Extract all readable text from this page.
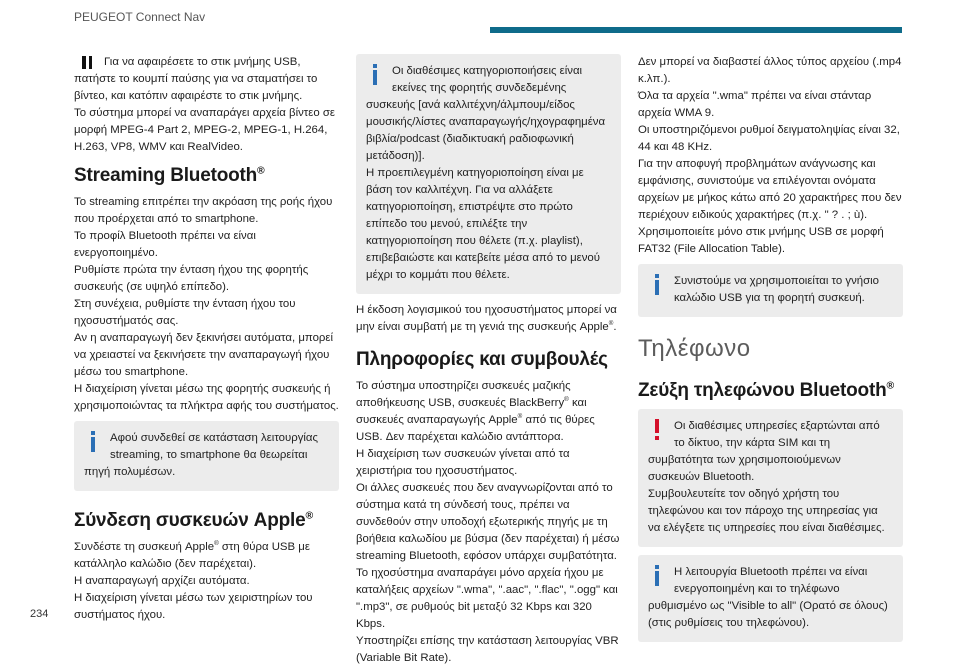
PEUGEOT Connect Nav

Για να αφαιρέσετε το στικ μνήμης USB, πατήστε το κουμπί παύσης για να σταματήσει το βίντεο, και κατόπιν αφαιρέστε το στικ μνήμης.

Το σύστημα μπορεί να αναπαράγει αρχεία βίντεο σε μορφή MPEG-4 Part 2, MPEG-2, MPEG-1, H.264, H.263, VP8, WMV και RealVideo.

Streaming Bluetooth®

Το streaming επιτρέπει την ακρόαση της ροής ήχου που προέρχεται από το smartphone.

Το προφίλ Bluetooth πρέπει να είναι ενεργοποιημένο.

Ρυθμίστε πρώτα την ένταση ήχου της φορητής συσκευής (σε υψηλό επίπεδο).

Στη συνέχεια, ρυθμίστε την ένταση ήχου του ηχοσυστήματός σας.

Αν η αναπαραγωγή δεν ξεκινήσει αυτόματα, μπορεί να χρειαστεί να ξεκινήσετε την αναπαραγωγή ήχου μέσω του smartphone.

Η διαχείριση γίνεται μέσω της φορητής συσκευής ή χρησιμοποιώντας τα πλήκτρα αφής του συστήματος.

Αφού συνδεθεί σε κατάσταση λειτουργίας streaming, το smartphone θα θεωρείται πηγή πολυμέσων.
Σύνδεση συσκευών Apple®

Συνδέστε τη συσκευή Apple® στη θύρα USB με κατάλληλο καλώδιο (δεν παρέχεται).

Η αναπαραγωγή αρχίζει αυτόματα.

Η διαχείριση γίνεται μέσω των χειριστηρίων του συστήματος ήχου.

Οι διαθέσιμες κατηγοριοποιήσεις είναι εκείνες της φορητής συνδεδεμένης συσκευής [ανά καλλιτέχνη/άλμπουμ/είδος μουσικής/λίστες αναπαραγωγής/ηχογραφημένα βιβλία/podcast (διαδικτυακή ραδιοφωνική μετάδοση)].

Η προεπιλεγμένη κατηγοριοποίηση είναι με βάση τον καλλιτέχνη. Για να αλλάξετε κατηγοριοποίηση, επιστρέψτε στο πρώτο επίπεδο του μενού, επιλέξτε την κατηγοριοποίηση που θέλετε (π.χ. playlist), επιβεβαιώστε και κατεβείτε μέσα από το μενού μέχρι το κομμάτι που θέλετε.

Η έκδοση λογισμικού του ηχοσυστήματος μπορεί να μην είναι συμβατή με τη γενιά της συσκευής Apple®.

Πληροφορίες και συμβουλές

Το σύστημα υποστηρίζει συσκευές μαζικής αποθήκευσης USB, συσκευές BlackBerry® και συσκευές αναπαραγωγής Apple® από τις θύρες USB. Δεν παρέχεται καλώδιο αντάπτορα.

Η διαχείριση των συσκευών γίνεται από τα χειριστήρια του ηχοσυστήματος.

Οι άλλες συσκευές που δεν αναγνωρίζονται από το σύστημα κατά τη σύνδεσή τους, πρέπει να συνδεθούν στην υποδοχή εξωτερικής πηγής με τη βοήθεια καλωδίου με βύσμα (δεν παρέχεται) ή μέσω streaming Bluetooth, εφόσον υπάρχει συμβατότητα.

Το ηχοσύστημα αναπαράγει μόνο αρχεία ήχου με καταλήξεις αρχείων ".wma", ".aac", ".flac", ".ogg" και ".mp3", σε ρυθμούς bit μεταξύ 32 Kbps και 320 Kbps.

Υποστηρίζει επίσης την κατάσταση λειτουργίας VBR (Variable Bit Rate).

Δεν μπορεί να διαβαστεί άλλος τύπος αρχείου (.mp4 κ.λπ.).

Όλα τα αρχεία ".wma" πρέπει να είναι στάνταρ αρχεία WMA 9.

Οι υποστηριζόμενοι ρυθμοί δειγματοληψίας είναι 32, 44 και 48 KHz.

Για την αποφυγή προβλημάτων ανάγνωσης και εμφάνισης, συνιστούμε να επιλέγονται ονόματα αρχείων με μήκος κάτω από 20 χαρακτήρες που δεν περιέχουν ειδικούς χαρακτήρες (π.χ. " ? . ; ù).

Χρησιμοποιείτε μόνο στικ μνήμης USB σε μορφή FAT32 (File Allocation Table).

Συνιστούμε να χρησιμοποιείται το γνήσιο καλώδιο USB για τη φορητή συσκευή.
Τηλέφωνο
Ζεύξη τηλεφώνου Bluetooth®

Οι διαθέσιμες υπηρεσίες εξαρτώνται από το δίκτυο, την κάρτα SIM και τη συμβατότητα των χρησιμοποιούμενων συσκευών Bluetooth.

Συμβουλευτείτε τον οδηγό χρήστη του τηλεφώνου και τον πάροχο της υπηρεσίας για να ελέγξετε τις υπηρεσίες που είναι διαθέσιμες.

Η λειτουργία Bluetooth πρέπει να είναι ενεργοποιημένη και το τηλέφωνο ρυθμισμένο ως "Visible to all" (Ορατό σε όλους) (στις ρυθμίσεις του τηλεφώνου).
234
